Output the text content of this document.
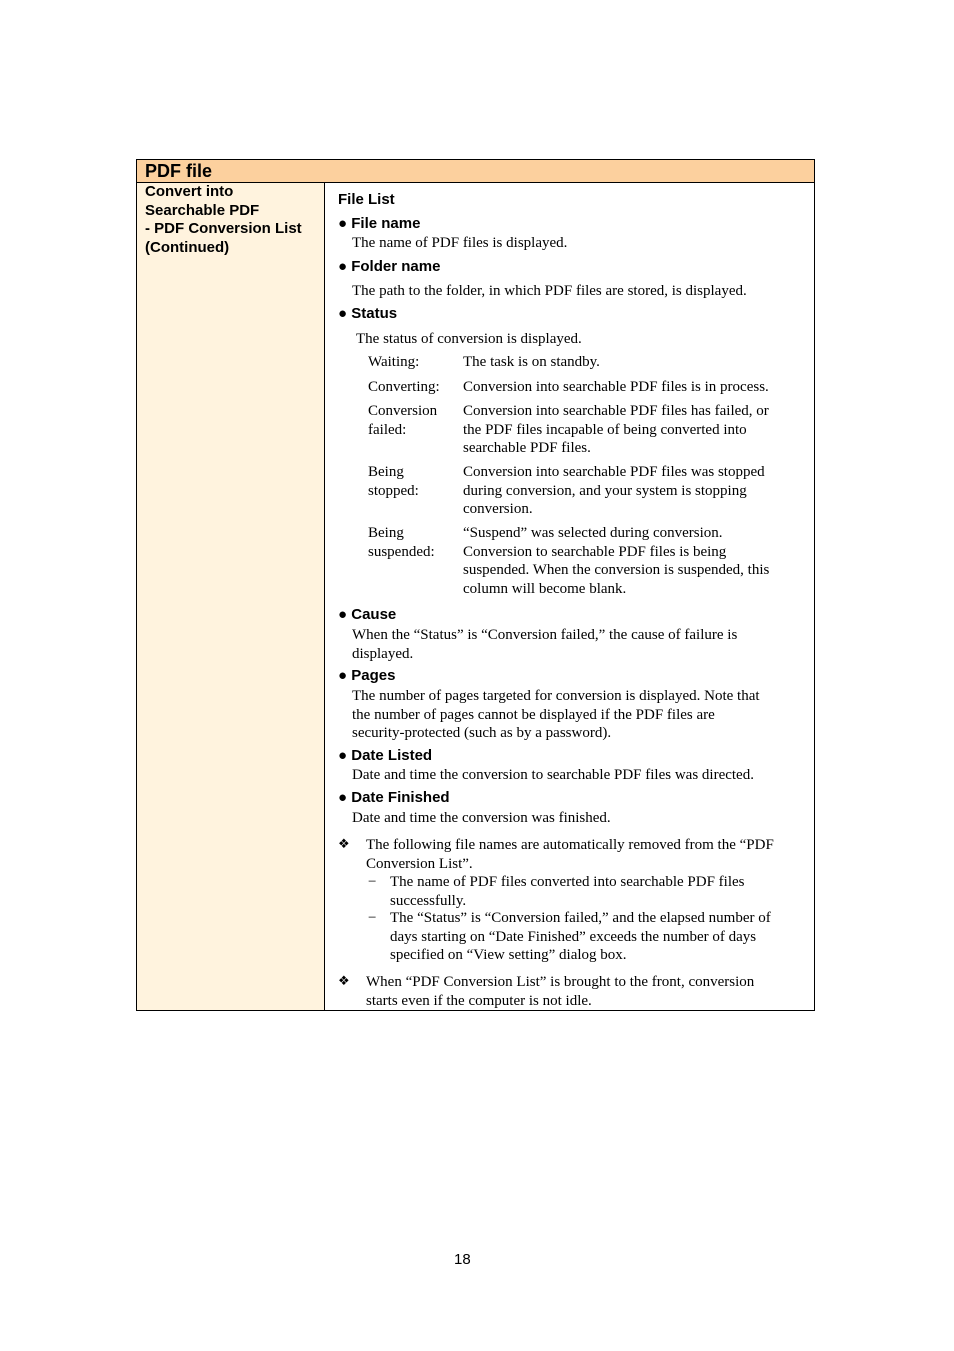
PDF file
Convert into
Searchable PDF
- PDF Conversion List
(Continued)
File List
● File name
The name of PDF files is displayed.
● Folder name
The path to the folder, in which PDF files are stored, is displayed.
● Status
The status of conversion is displayed.
Waiting:	The task is on standby.
Converting: Conversion into searchable PDF files is in process.
Conversion
failed:
Conversion into searchable PDF files has failed, or
the PDF files incapable of being converted into
searchable PDF files.
Being
stopped:
Conversion into searchable PDF files was stopped
during conversion, and your system is stopping
conversion.
Being
suspended:
“Suspend” was selected during conversion.
Conversion to searchable PDF files is being
suspended. When the conversion is suspended, this
column will become blank.
● Cause
When the “Status” is “Conversion failed,” the cause of failure is
displayed.
● Pages
The number of pages targeted for conversion is displayed. Note that
the number of pages cannot be displayed if the PDF files are
security-protected (such as by a password).
● Date Listed
Date and time the conversion to searchable PDF files was directed.
● Date Finished
Date and time the conversion was finished.
❖ The following file names are automatically removed from the “PDF
Conversion List”.
− The name of PDF files converted into searchable PDF files
successfully.
− The “Status” is “Conversion failed,” and the elapsed number of
days starting on “Date Finished” exceeds the number of days
specified on “View setting” dialog box.
❖ When “PDF Conversion List” is brought to the front, conversion
starts even if the computer is not idle.
18
